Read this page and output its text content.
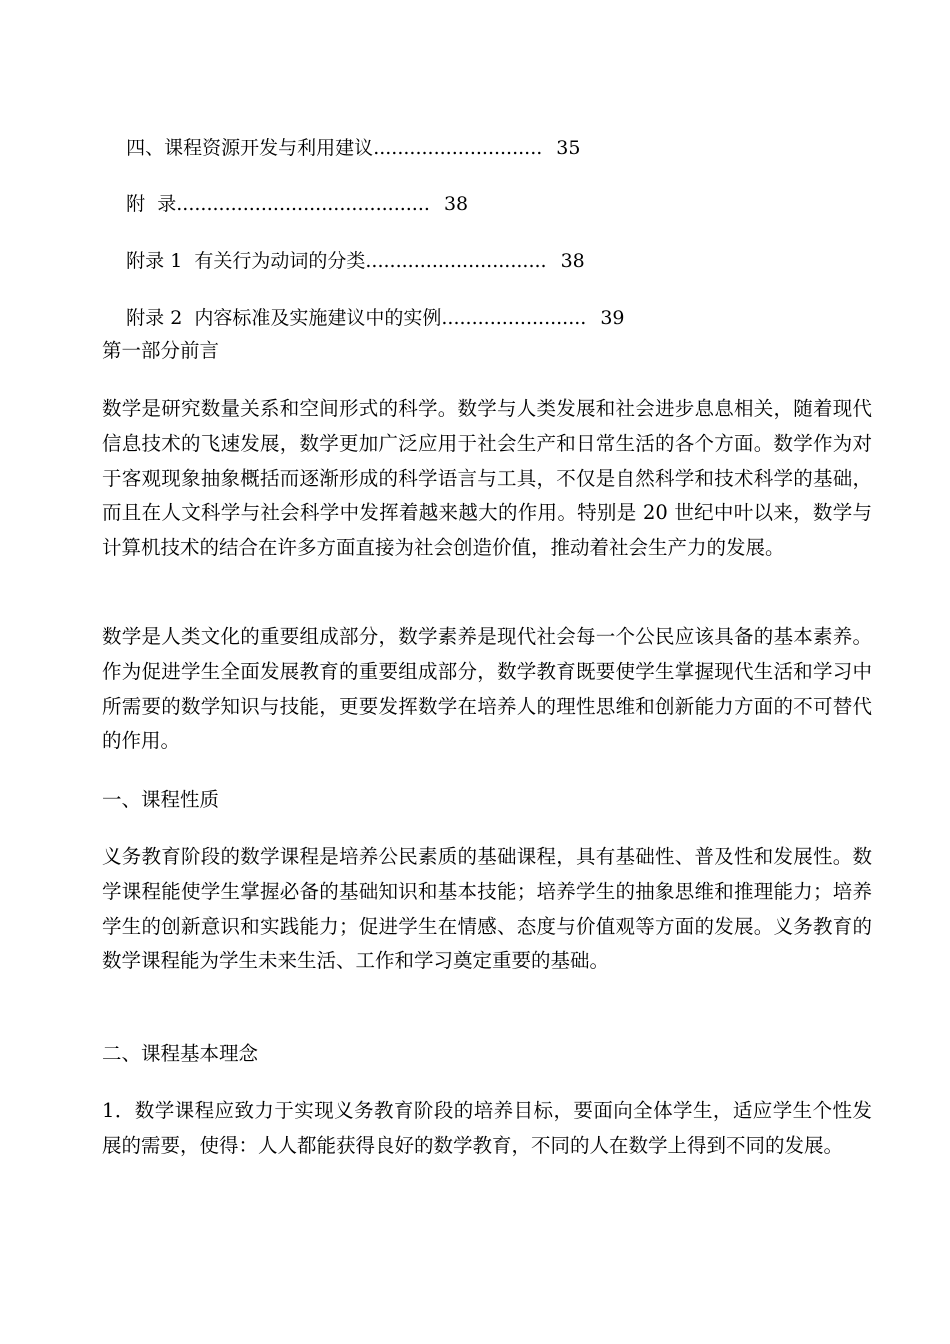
四、课程资源开发与利用建议............................ 35

附  录.......................................... 38

附录 1  有关行为动词的分类.............................. 38

附录 2  内容标准及实施建议中的实例........................ 39

第一部分前言
数学是研究数量关系和空间形式的科学。数学与人类发展和社会进步息息相关，随着现代信息技术的飞速发展，数学更加广泛应用于社会生产和日常生活的各个方面。数学作为对于客观现象抽象概括而逐渐形成的科学语言与工具，不仅是自然科学和技术科学的基础，而且在人文科学与社会科学中发挥着越来越大的作用。特别是 20 世纪中叶以来，数学与计算机技术的结合在许多方面直接为社会创造价值，推动着社会生产力的发展。
数学是人类文化的重要组成部分，数学素养是现代社会每一个公民应该具备的基本素养。作为促进学生全面发展教育的重要组成部分，数学教育既要使学生掌握现代生活和学习中所需要的数学知识与技能，更要发挥数学在培养人的理性思维和创新能力方面的不可替代的作用。
一、课程性质
义务教育阶段的数学课程是培养公民素质的基础课程，具有基础性、普及性和发展性。数学课程能使学生掌握必备的基础知识和基本技能；培养学生的抽象思维和推理能力；培养学生的创新意识和实践能力；促进学生在情感、态度与价值观等方面的发展。义务教育的数学课程能为学生未来生活、工作和学习奠定重要的基础。
二、课程基本理念
1．数学课程应致力于实现义务教育阶段的培养目标，要面向全体学生，适应学生个性发展的需要，使得：人人都能获得良好的数学教育，不同的人在数学上得到不同的发展。
